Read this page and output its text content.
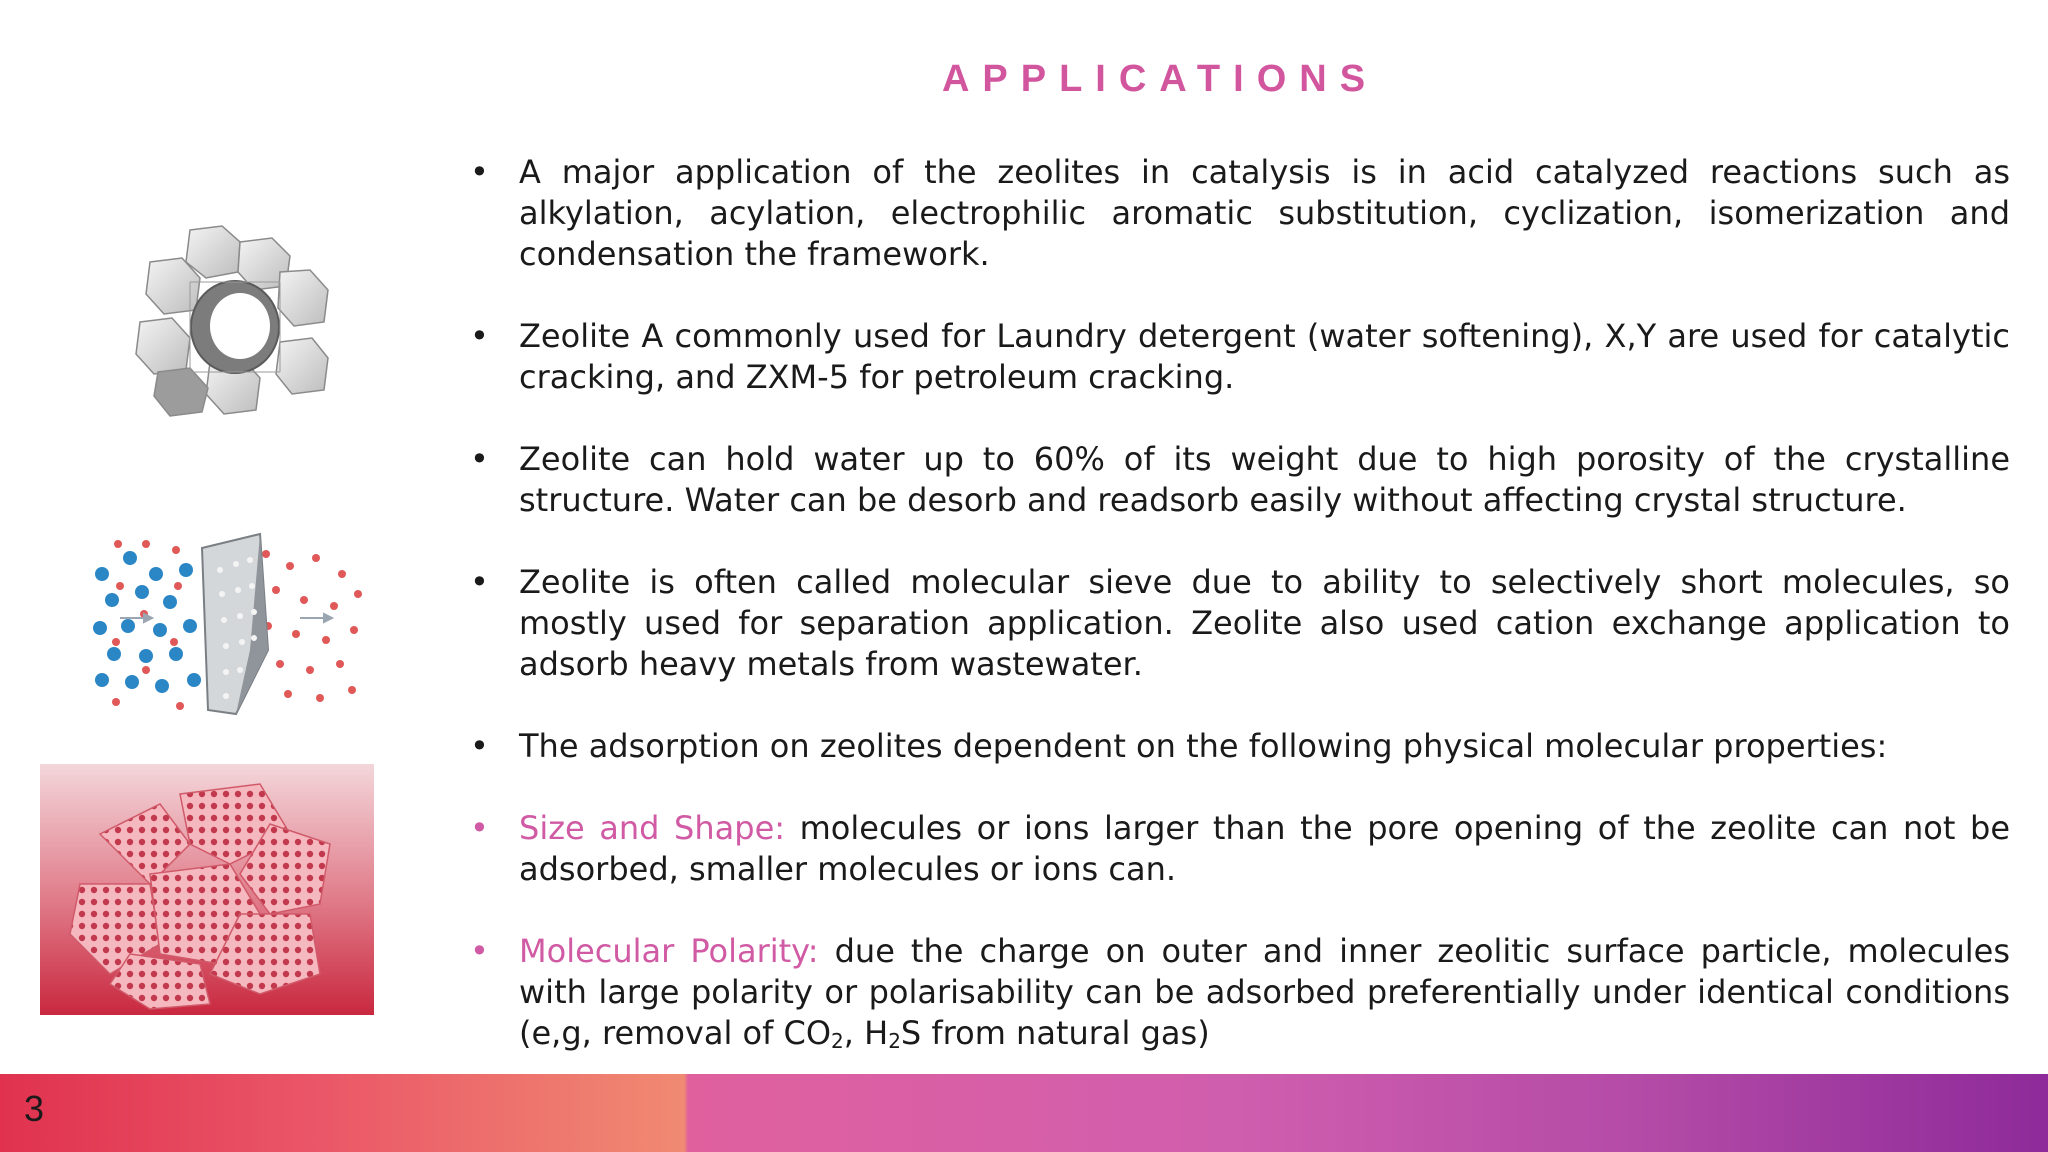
APPLICATIONS
• A major application of the zeolites in catalysis is in acid catalyzed reactions such as alkylation, acylation, electrophilic aromatic substitution, cyclization, isomerization and condensation the framework.
• Zeolite A commonly used for Laundry detergent (water softening), X,Y are used for catalytic cracking, and ZXM-5 for petroleum cracking.
• Zeolite can hold water up to 60% of its weight due to high porosity of the crystalline structure. Water can be desorb and readsorb easily without affecting crystal structure.
• Zeolite is often called molecular sieve due to ability to selectively short molecules, so mostly used for separation application. Zeolite also used cation exchange application to adsorb heavy metals from wastewater.
• The adsorption on zeolites dependent on the following physical molecular properties:
• Size and Shape: molecules or ions larger than the pore opening of the zeolite can not be adsorbed, smaller molecules or ions can.
• Molecular Polarity: due the charge on outer and inner zeolitic surface particle, molecules with large polarity or polarisability can be adsorbed preferentially under identical conditions (e,g, removal of $CO_2$, $H_2S$ from natural gas)
3
